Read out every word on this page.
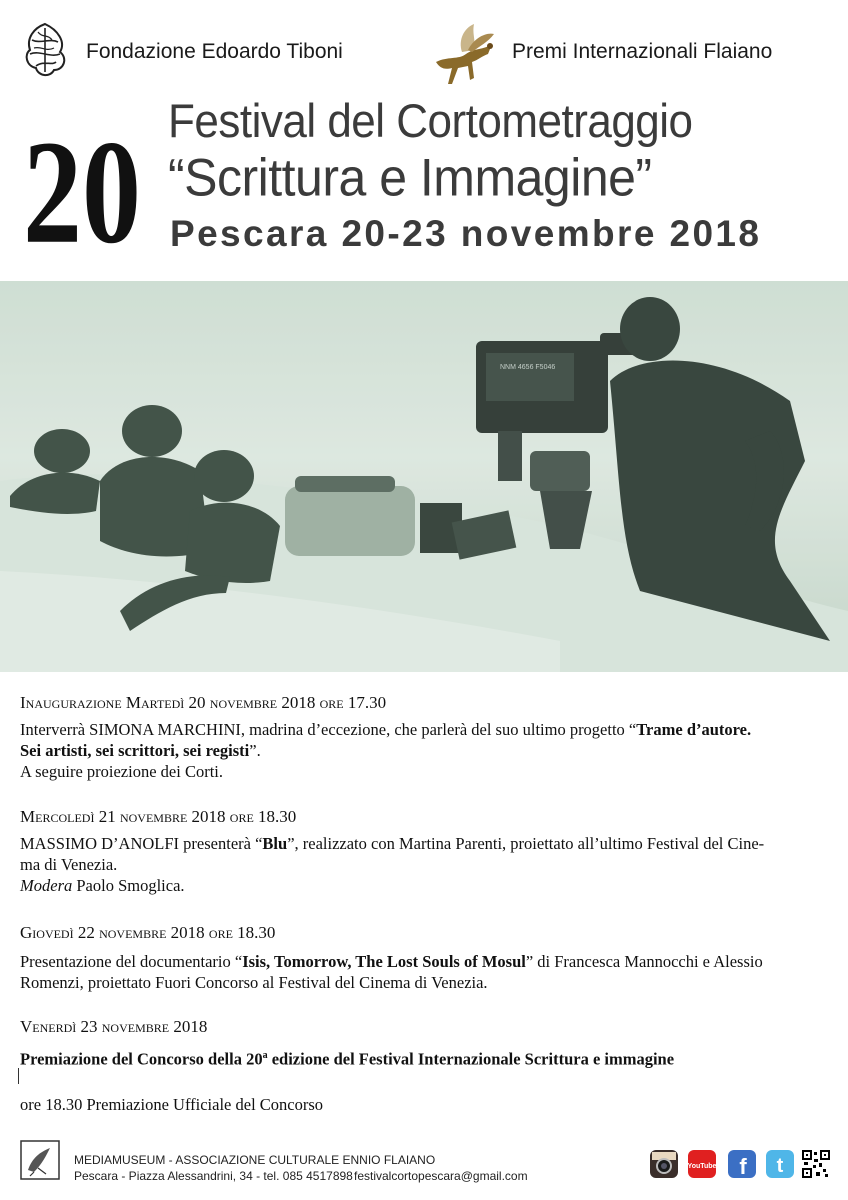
Fondazione Edoardo Tiboni	Premi Internazionali Flaiano
20 Festival del Cortometraggio
“Scrittura e Immagine”
Pescara 20-23 novembre 2018
NNM 4656 F5046
Inaugurazione Martedì 20 novembre 2018 ore 17.30
Interverrà SIMONA MARCHINI, madrina d’eccezione, che parlerà del suo ultimo progetto “Trame d’autore.
Sei artisti, sei scrittori, sei registi”.
A seguire proiezione dei Corti.
Mercoledì 21 novembre 2018 ore 18.30
MASSIMO D’ANOLFI presenterà “Blu”, realizzato con Martina Parenti, proiettato all’ultimo Festival del Cine-
ma di Venezia.
Modera Paolo Smoglica.
Giovedì 22 novembre 2018 ore 18.30
Presentazione del documentario “Isis, Tomorrow, The Lost Souls of Mosul” di Francesca Mannocchi e Alessio
Romenzi, proiettato Fuori Concorso al Festival del Cinema di Venezia.
Venerdì 23 novembre 2018
Premiazione del Concorso della 20$^a$ edizione del Festival Internazionale Scrittura e immagine
ore 18.30 Premiazione Ufficiale del Concorso
MEDIAMUSEUM - ASSOCIAZIONE CULTURALE ENNIO FLAIANO
Pescara - Piazza Alessandrini, 34 - tel. 085 4517898 festivalcortopescara@gmail.com
YouTube f t
